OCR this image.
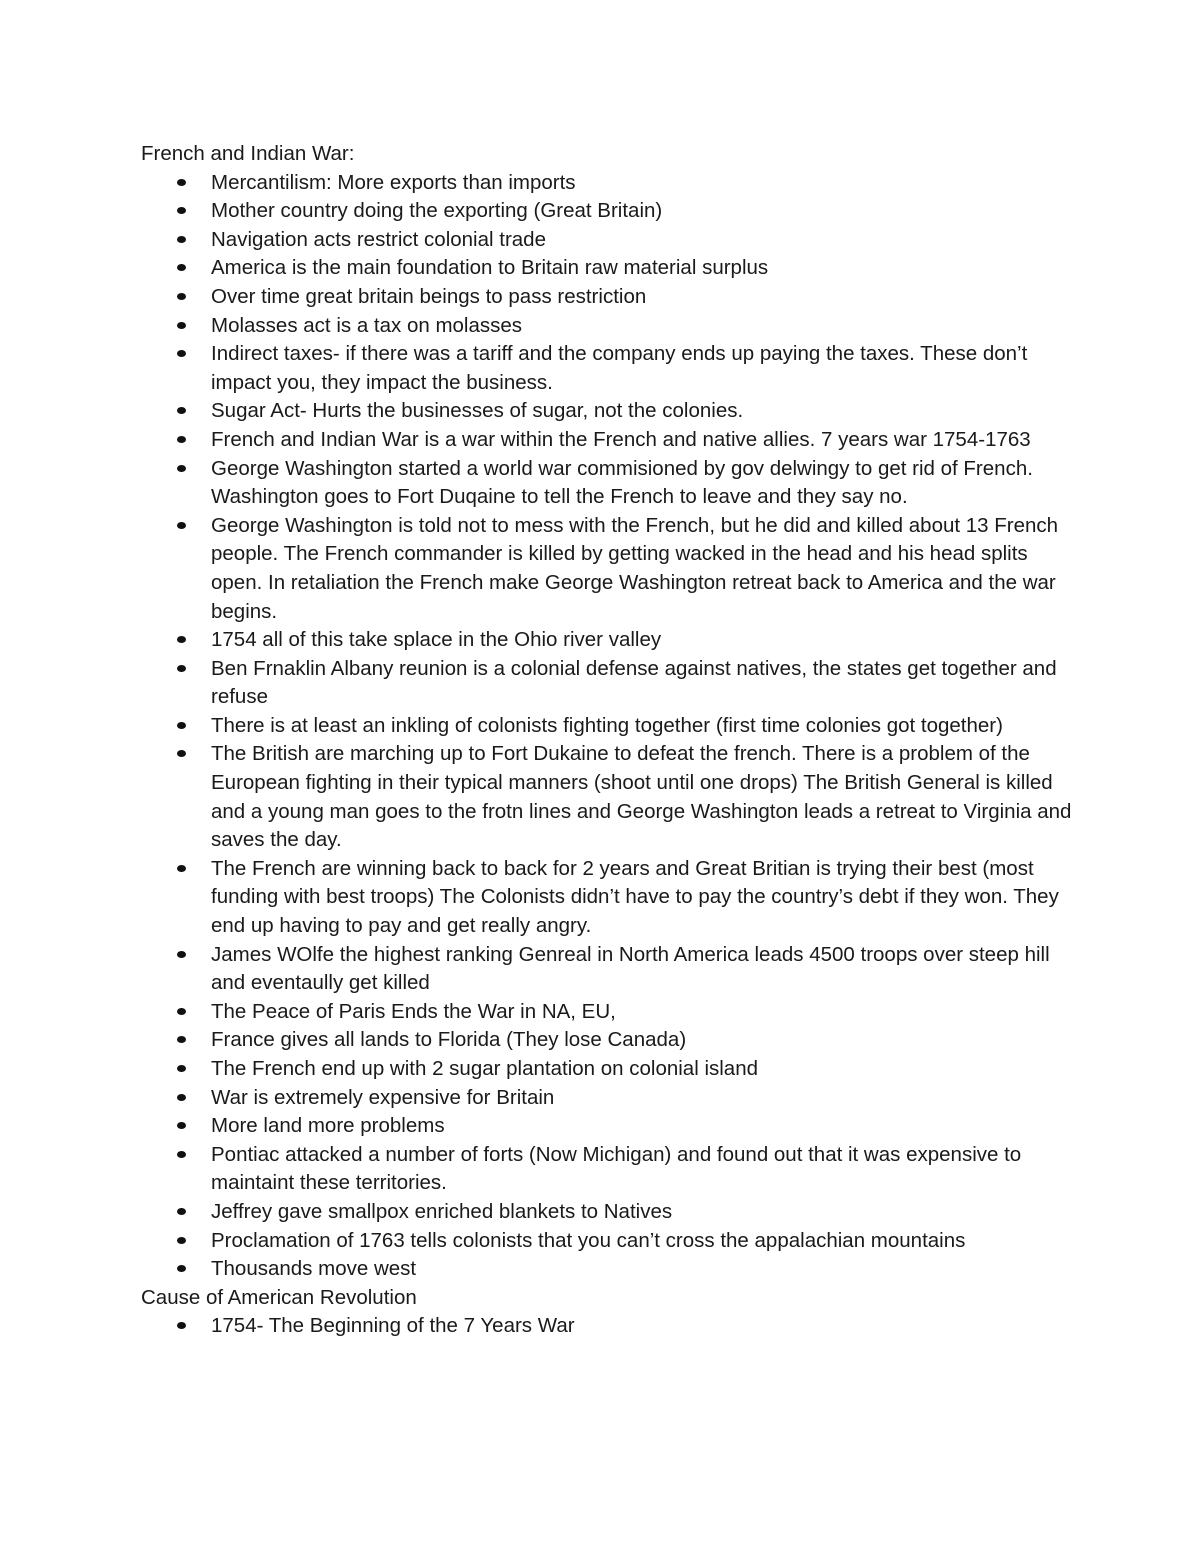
French and Indian War:

Mercantilism: More exports than imports
Mother country doing the exporting (Great Britain)
Navigation acts restrict colonial trade
America is the main foundation to Britain raw material surplus
Over time great britain beings to pass restriction
Molasses act is a tax on molasses
Indirect taxes- if there was a tariff and the company ends up paying the taxes. These don’t impact you, they impact the business.
Sugar Act- Hurts the businesses of sugar, not the colonies.
French and Indian War is a war within the French and native allies. 7 years war 1754-1763
George Washington started a world war commisioned by gov delwingy to get rid of French. Washington goes to Fort Duqaine to tell the French to leave and they say no.
George Washington is told not to mess with the French, but he did and killed about 13 French people. The French commander is killed by getting wacked in the head and his head splits open. In retaliation the French make George Washington retreat back to America and the war begins.
1754 all of this take splace in the Ohio river valley
Ben Frnaklin Albany reunion is a colonial defense against natives, the states get together and refuse
There is at least an inkling of colonists fighting together (first time colonies got together)
The British are marching up to Fort Dukaine to defeat the french. There is a problem of the European fighting in their typical manners (shoot until one drops) The British General is killed and a young man goes to the frotn lines and George Washington leads a retreat to Virginia and saves the day.
The French are winning back to back for 2 years and Great Britian is trying their best (most funding with best troops) The Colonists didn’t have to pay the country’s debt if they won. They end up having to pay and get really angry.
James WOlfe the highest ranking Genreal in North America leads 4500 troops over steep hill and eventaully get killed
The Peace of Paris Ends the War in NA, EU,
France gives all lands to Florida (They lose Canada)
The French end up with 2 sugar plantation on colonial island
War is extremely expensive for Britain
More land more problems
Pontiac attacked a number of forts (Now Michigan) and found out that it was expensive to maintaint these territories.
Jeffrey gave smallpox enriched blankets to Natives
Proclamation of 1763 tells colonists that you can’t cross the appalachian mountains
Thousands move west

Cause of American Revolution

1754- The Beginning of the 7 Years War
